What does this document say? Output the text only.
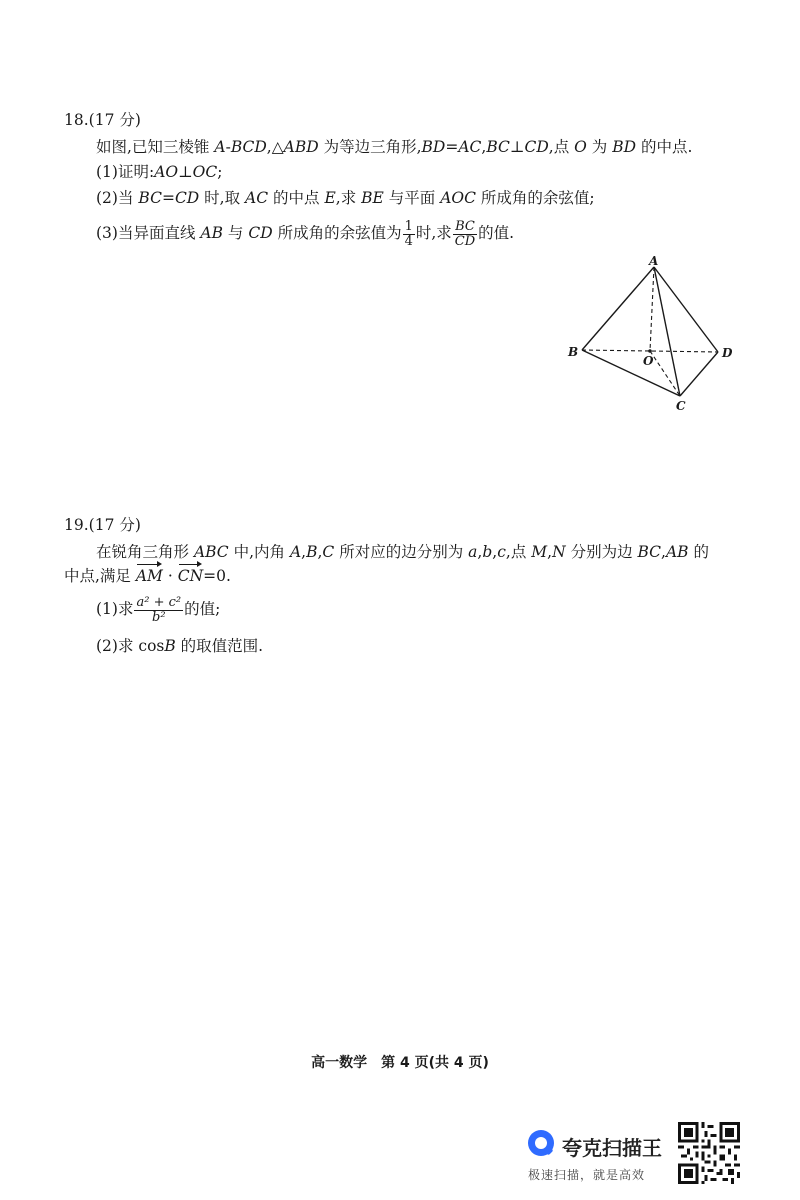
18.(17 分)
如图,已知三棱锥 A-BCD,△ABD 为等边三角形,BD=AC,BC⊥CD,点 O 为 BD 的中点.
(1)证明:AO⊥OC;
(2)当 BC=CD 时,取 AC 的中点 E,求 BE 与平面 AOC 所成角的余弦值;
(3)当异面直线 AB 与 CD 所成角的余弦值为 $\frac{1}{4}$ 时,求 $\frac{BC}{CD}$ 的值.
A
B
C
D
O
19.(17 分)
在锐角三角形 ABC 中,内角 A,B,C 所对应的边分别为 a,b,c,点 M,N 分别为边 BC,AB 的
中点,满足 AM · CN=0.
(1)求 $\frac{\text{a² + c²}}{\text{b²}}$ 的值;
(2)求 cosB 的取值范围.
高一数学　第 4 页(共 4 页)
夸克扫描王
极速扫描，就是高效
